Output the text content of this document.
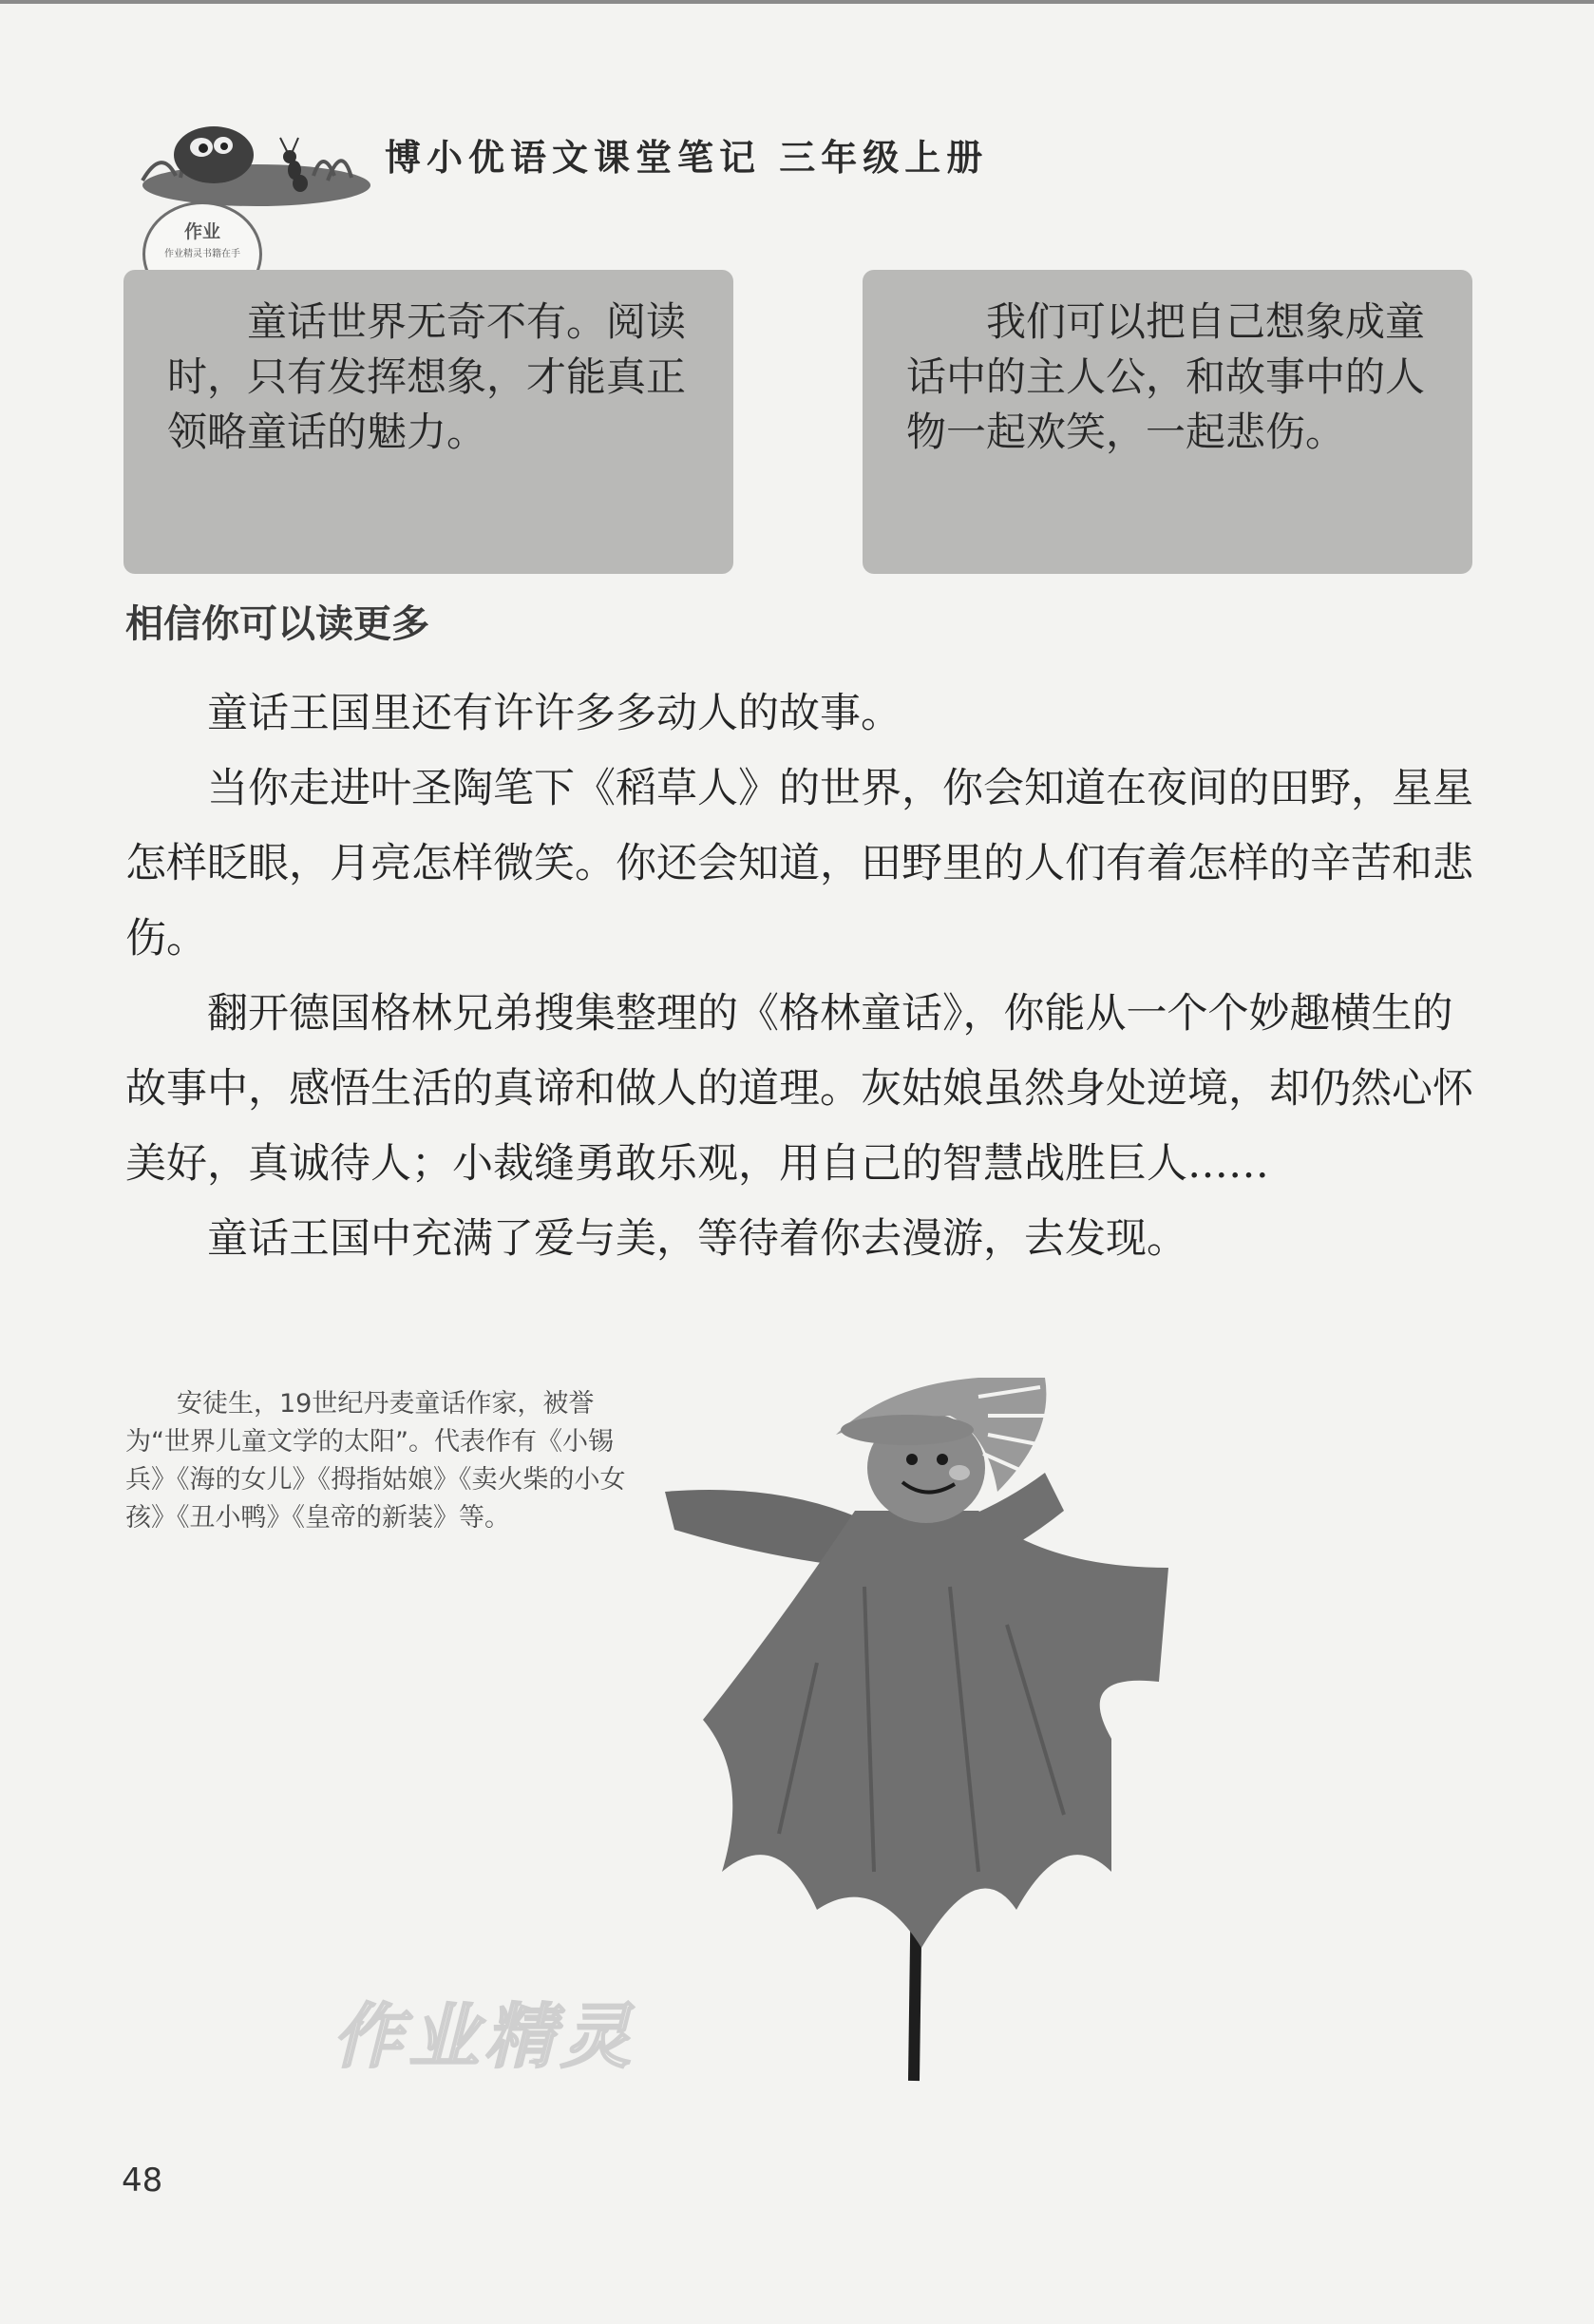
博小优语文课堂笔记 三年级上册
作业
作业精灵书籍在手

童话世界无奇不有。阅读时，只有发挥想象，才能真正领略童话的魅力。

我们可以把自己想象成童话中的主人公，和故事中的人物一起欢笑，一起悲伤。

相信你可以读更多

童话王国里还有许许多多动人的故事。

当你走进叶圣陶笔下《稻草人》的世界，你会知道在夜间的田野，星星怎样眨眼，月亮怎样微笑。你还会知道，田野里的人们有着怎样的辛苦和悲伤。

翻开德国格林兄弟搜集整理的《格林童话》，你能从一个个妙趣横生的故事中，感悟生活的真谛和做人的道理。灰姑娘虽然身处逆境，却仍然心怀美好，真诚待人；小裁缝勇敢乐观，用自己的智慧战胜巨人……

童话王国中充满了爱与美，等待着你去漫游，去发现。

安徒生，19世纪丹麦童话作家，被誉为“世界儿童文学的太阳”。代表作有《小锡兵》《海的女儿》《拇指姑娘》《卖火柴的小女孩》《丑小鸭》《皇帝的新装》等。

作业精灵
48
